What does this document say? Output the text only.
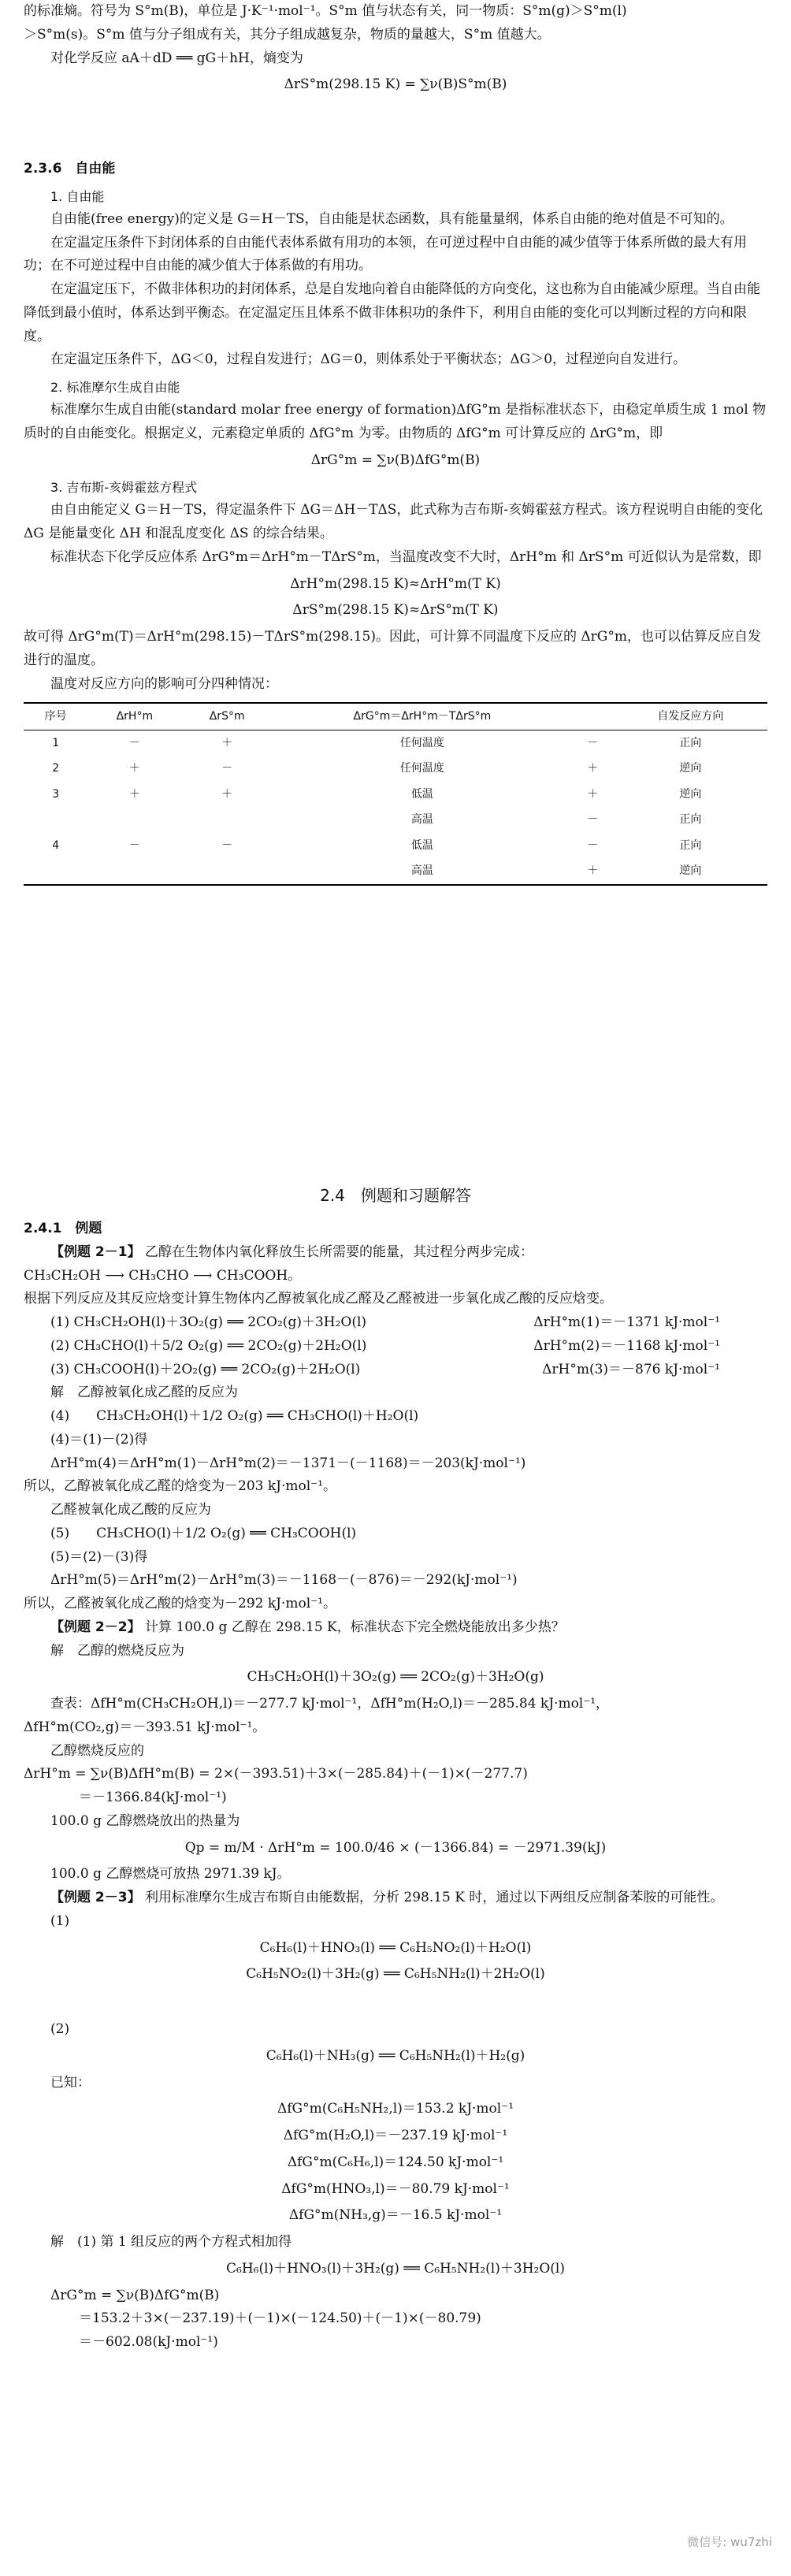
的标准熵。符号为 S°m(B)，单位是 J·K⁻¹·mol⁻¹。S°m 值与状态有关，同一物质：S°m(g)＞S°m(l)

＞S°m(s)。S°m 值与分子组成有关，其分子组成越复杂，物质的量越大，S°m 值越大。

对化学反应 aA＋dD ══ gG＋hH，熵变为

ΔrS°m(298.15 K) = ∑ν(B)S°m(B)

2.3.6　自由能

1. 自由能

自由能(free energy)的定义是 G＝H－TS，自由能是状态函数，具有能量量纲，体系自由能的绝对值是不可知的。

在定温定压条件下封闭体系的自由能代表体系做有用功的本领，在可逆过程中自由能的减少值等于体系所做的最大有用功；在不可逆过程中自由能的减少值大于体系做的有用功。

在定温定压下，不做非体积功的封闭体系，总是自发地向着自由能降低的方向变化，这也称为自由能减少原理。当自由能降低到最小值时，体系达到平衡态。在定温定压且体系不做非体积功的条件下，利用自由能的变化可以判断过程的方向和限度。

在定温定压条件下，ΔG＜0，过程自发进行；ΔG＝0，则体系处于平衡状态；ΔG＞0，过程逆向自发进行。

2. 标准摩尔生成自由能

标准摩尔生成自由能(standard molar free energy of formation)ΔfG°m 是指标准状态下，由稳定单质生成 1 mol 物质时的自由能变化。根据定义，元素稳定单质的 ΔfG°m 为零。由物质的 ΔfG°m 可计算反应的 ΔrG°m，即

ΔrG°m = ∑ν(B)ΔfG°m(B)

3. 吉布斯-亥姆霍兹方程式

由自由能定义 G＝H－TS，得定温条件下 ΔG＝ΔH－TΔS，此式称为吉布斯-亥姆霍兹方程式。该方程说明自由能的变化 ΔG 是能量变化 ΔH 和混乱度变化 ΔS 的综合结果。

标准状态下化学反应体系 ΔrG°m＝ΔrH°m－TΔrS°m，当温度改变不大时，ΔrH°m 和 ΔrS°m 可近似认为是常数，即

ΔrH°m(298.15 K)≈ΔrH°m(T K)

ΔrS°m(298.15 K)≈ΔrS°m(T K)

故可得 ΔrG°m(T)＝ΔrH°m(298.15)－TΔrS°m(298.15)。因此，可计算不同温度下反应的 ΔrG°m，也可以估算反应自发进行的温度。

温度对反应方向的影响可分四种情况：

序号	ΔrH°m	ΔrS°m	ΔrG°m＝ΔrH°m－TΔrS°m		自发反应方向
1	－	＋	任何温度	－	正向
2	＋	－	任何温度	＋	逆向
3	＋	＋	低温	＋	逆向
			高温	－	正向
4	－	－	低温	－	正向
			高温	＋	逆向

2.4　例题和习题解答

2.4.1　例题

【例题 2－1】 乙醇在生物体内氧化释放生长所需要的能量，其过程分两步完成：

CH₃CH₂OH ⟶ CH₃CHO ⟶ CH₃COOH。

根据下列反应及其反应焓变计算生物体内乙醇被氧化成乙醛及乙醛被进一步氧化成乙酸的反应焓变。

(1) CH₃CH₂OH(l)＋3O₂(g) ══ 2CO₂(g)＋3H₂O(l)	ΔrH°m(1)＝－1371 kJ·mol⁻¹
(2) CH₃CHO(l)＋5/2 O₂(g) ══ 2CO₂(g)＋2H₂O(l)	ΔrH°m(2)＝－1168 kJ·mol⁻¹
(3) CH₃COOH(l)＋2O₂(g) ══ 2CO₂(g)＋2H₂O(l)	ΔrH°m(3)＝－876 kJ·mol⁻¹

解　乙醇被氧化成乙醛的反应为

(4)　　CH₃CH₂OH(l)＋1/2 O₂(g) ══ CH₃CHO(l)＋H₂O(l)

(4)＝(1)－(2)得

ΔrH°m(4)＝ΔrH°m(1)－ΔrH°m(2)＝－1371－(－1168)＝－203(kJ·mol⁻¹)

所以，乙醇被氧化成乙醛的焓变为－203 kJ·mol⁻¹。

乙醛被氧化成乙酸的反应为

(5)　　CH₃CHO(l)＋1/2 O₂(g) ══ CH₃COOH(l)

(5)＝(2)－(3)得

ΔrH°m(5)＝ΔrH°m(2)－ΔrH°m(3)＝－1168－(－876)＝－292(kJ·mol⁻¹)

所以，乙醛被氧化成乙酸的焓变为－292 kJ·mol⁻¹。

【例题 2－2】 计算 100.0 g 乙醇在 298.15 K，标准状态下完全燃烧能放出多少热？

解　乙醇的燃烧反应为

CH₃CH₂OH(l)＋3O₂(g) ══ 2CO₂(g)＋3H₂O(g)

查表：ΔfH°m(CH₃CH₂OH,l)＝－277.7 kJ·mol⁻¹，ΔfH°m(H₂O,l)＝－285.84 kJ·mol⁻¹，

ΔfH°m(CO₂,g)＝－393.51 kJ·mol⁻¹。

乙醇燃烧反应的

ΔrH°m = ∑ν(B)ΔfH°m(B) = 2×(－393.51)＋3×(－285.84)＋(－1)×(－277.7)

＝－1366.84(kJ·mol⁻¹)

100.0 g 乙醇燃烧放出的热量为

Qp = m/M · ΔrH°m = 100.0/46 × (－1366.84) = －2971.39(kJ)

100.0 g 乙醇燃烧可放热 2971.39 kJ。

【例题 2－3】 利用标准摩尔生成吉布斯自由能数据，分析 298.15 K 时，通过以下两组反应制备苯胺的可能性。

(1)

C₆H₆(l)＋HNO₃(l) ══ C₆H₅NO₂(l)＋H₂O(l)

C₆H₅NO₂(l)＋3H₂(g) ══ C₆H₅NH₂(l)＋2H₂O(l)

(2)

C₆H₆(l)＋NH₃(g) ══ C₆H₅NH₂(l)＋H₂(g)

已知：

ΔfG°m(C₆H₅NH₂,l)＝153.2 kJ·mol⁻¹

ΔfG°m(H₂O,l)＝－237.19 kJ·mol⁻¹

ΔfG°m(C₆H₆,l)＝124.50 kJ·mol⁻¹

ΔfG°m(HNO₃,l)＝－80.79 kJ·mol⁻¹

ΔfG°m(NH₃,g)＝－16.5 kJ·mol⁻¹

解　(1) 第 1 组反应的两个方程式相加得

C₆H₆(l)＋HNO₃(l)＋3H₂(g) ══ C₆H₅NH₂(l)＋3H₂O(l)

ΔrG°m = ∑ν(B)ΔfG°m(B)

＝153.2＋3×(－237.19)＋(－1)×(－124.50)＋(－1)×(－80.79)

＝－602.08(kJ·mol⁻¹)

微信号: wu7zhi
